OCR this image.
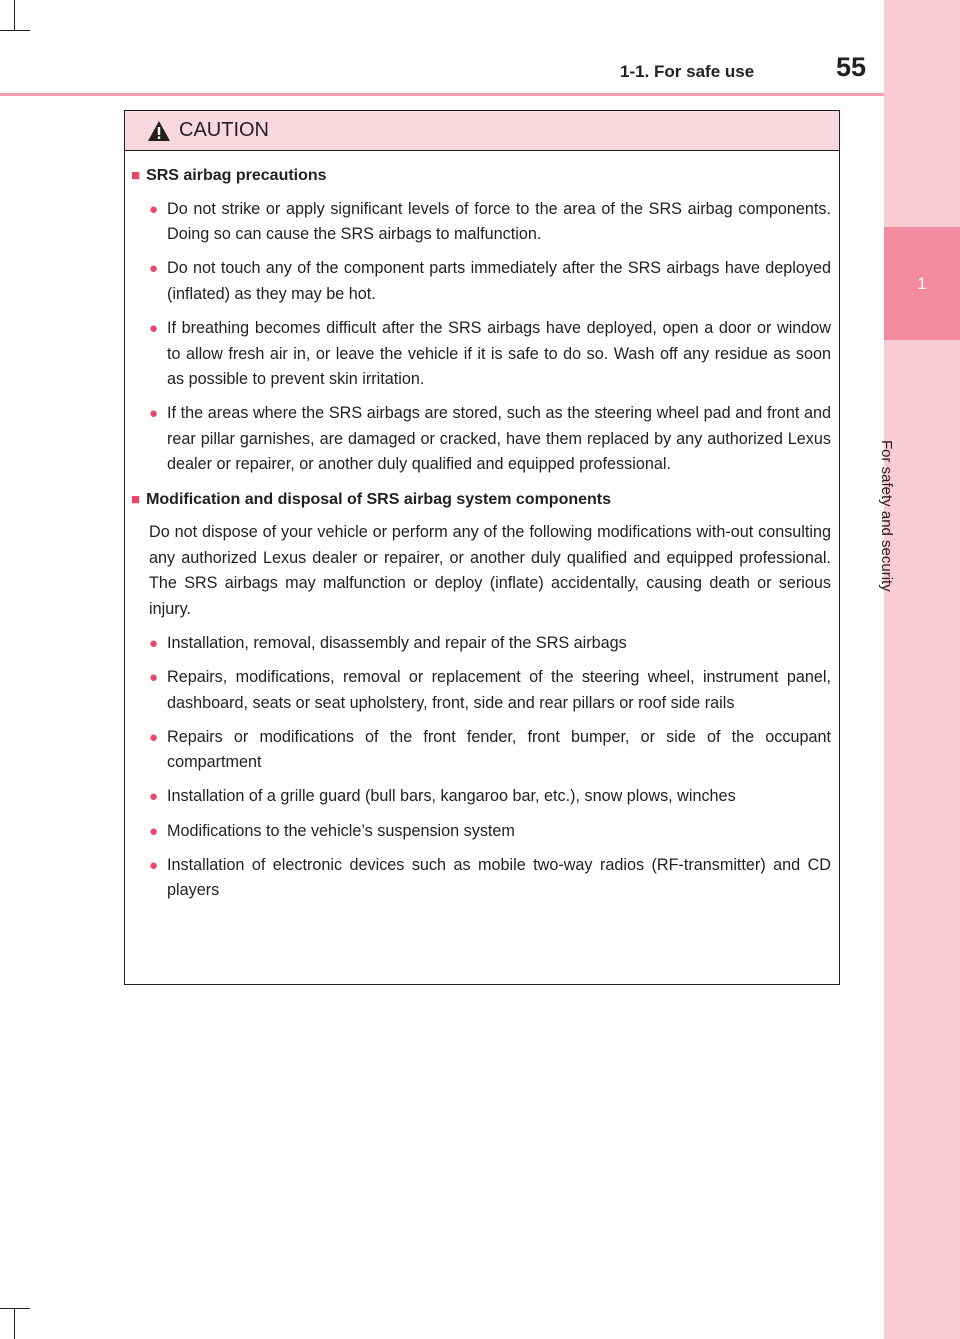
1
For safety and security
1-1. For safe use	55
CAUTION
■ SRS airbag precautions
● Do not strike or apply significant levels of force to the area of the SRS airbag components. Doing so can cause the SRS airbags to malfunction.
● Do not touch any of the component parts immediately after the SRS airbags have deployed (inflated) as they may be hot.
● If breathing becomes difficult after the SRS airbags have deployed, open a door or window to allow fresh air in, or leave the vehicle if it is safe to do so. Wash off any residue as soon as possible to prevent skin irritation.
● If the areas where the SRS airbags are stored, such as the steering wheel pad and front and rear pillar garnishes, are damaged or cracked, have them replaced by any authorized Lexus dealer or repairer, or another duly qualified and equipped professional.
■ Modification and disposal of SRS airbag system components
Do not dispose of your vehicle or perform any of the following modifications with-out consulting any authorized Lexus dealer or repairer, or another duly qualified and equipped professional. The SRS airbags may malfunction or deploy (inflate) accidentally, causing death or serious injury.
● Installation, removal, disassembly and repair of the SRS airbags
● Repairs, modifications, removal or replacement of the steering wheel, instrument panel, dashboard, seats or seat upholstery, front, side and rear pillars or roof side rails
● Repairs or modifications of the front fender, front bumper, or side of the occupant compartment
● Installation of a grille guard (bull bars, kangaroo bar, etc.), snow plows, winches
● Modifications to the vehicle’s suspension system
● Installation of electronic devices such as mobile two-way radios (RF-transmitter) and CD players
